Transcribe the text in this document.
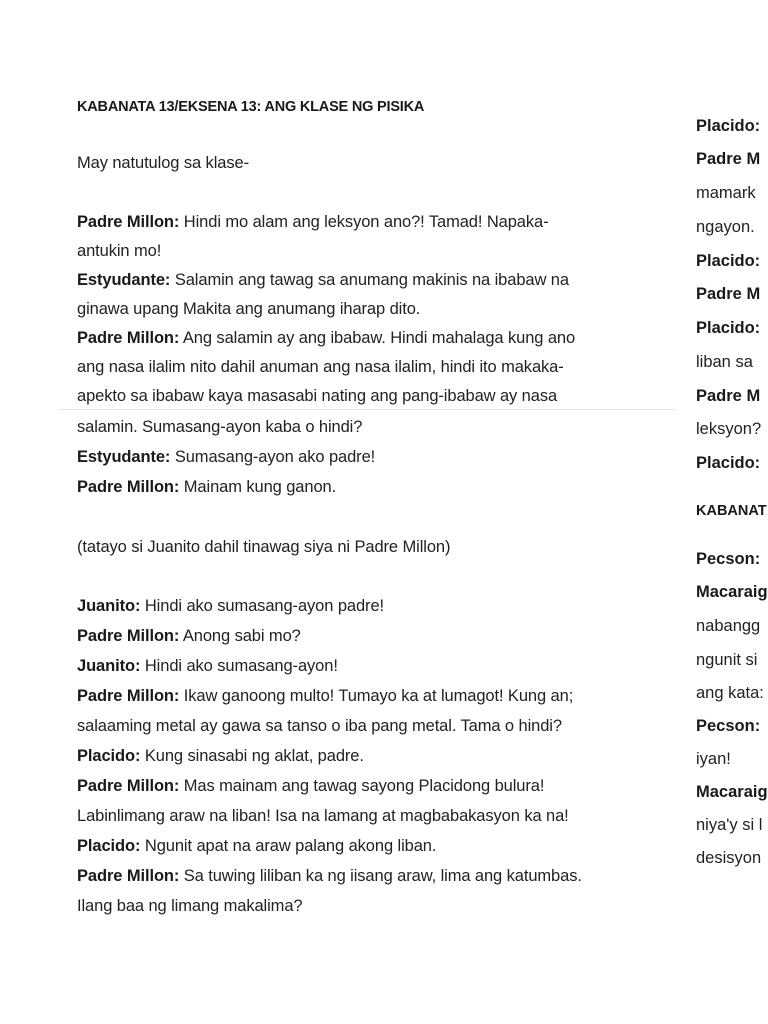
KABANATA 13/EKSENA 13: ANG KLASE NG PISIKA
May natutulog sa klase-
Padre Millon: Hindi mo alam ang leksyon ano?! Tamad! Napaka-
antukin mo!
Estyudante: Salamin ang tawag sa anumang makinis na ibabaw na
ginawa upang Makita ang anumang iharap dito.
Padre Millon: Ang salamin ay ang ibabaw. Hindi mahalaga kung ano
ang nasa ilalim nito dahil anuman ang nasa ilalim, hindi ito makaka-
apekto sa ibabaw kaya masasabi nating ang pang-ibabaw ay nasa
salamin. Sumasang-ayon kaba o hindi?
Estyudante: Sumasang-ayon ako padre!
Padre Millon: Mainam kung ganon.
(tatayo si Juanito dahil tinawag siya ni Padre Millon)
Juanito: Hindi ako sumasang-ayon padre!
Padre Millon: Anong sabi mo?
Juanito: Hindi ako sumasang-ayon!
Padre Millon: Ikaw ganoong multo! Tumayo ka at lumagot! Kung an;
salaaming metal ay gawa sa tanso o iba pang metal. Tama o hindi?
Placido: Kung sinasabi ng aklat, padre.
Padre Millon: Mas mainam ang tawag sayong Placidong bulura!
Labinlimang araw na liban! Isa na lamang at magbabakasyon ka na!
Placido: Ngunit apat na araw palang akong liban.
Padre Millon: Sa tuwing liliban ka ng iisang araw, lima ang katumbas.
Ilang baa ng limang makalima?
Placido:
Padre M
mamark
ngayon.
Placido:
Padre M
Placido:
liban sa
Padre M
leksyon?
Placido:
KABANAT
Pecson:
Macaraig
nabangg
ngunit si
ang kata:
Pecson:
iyan!
Macaraig
niya'y si l
desisyon
